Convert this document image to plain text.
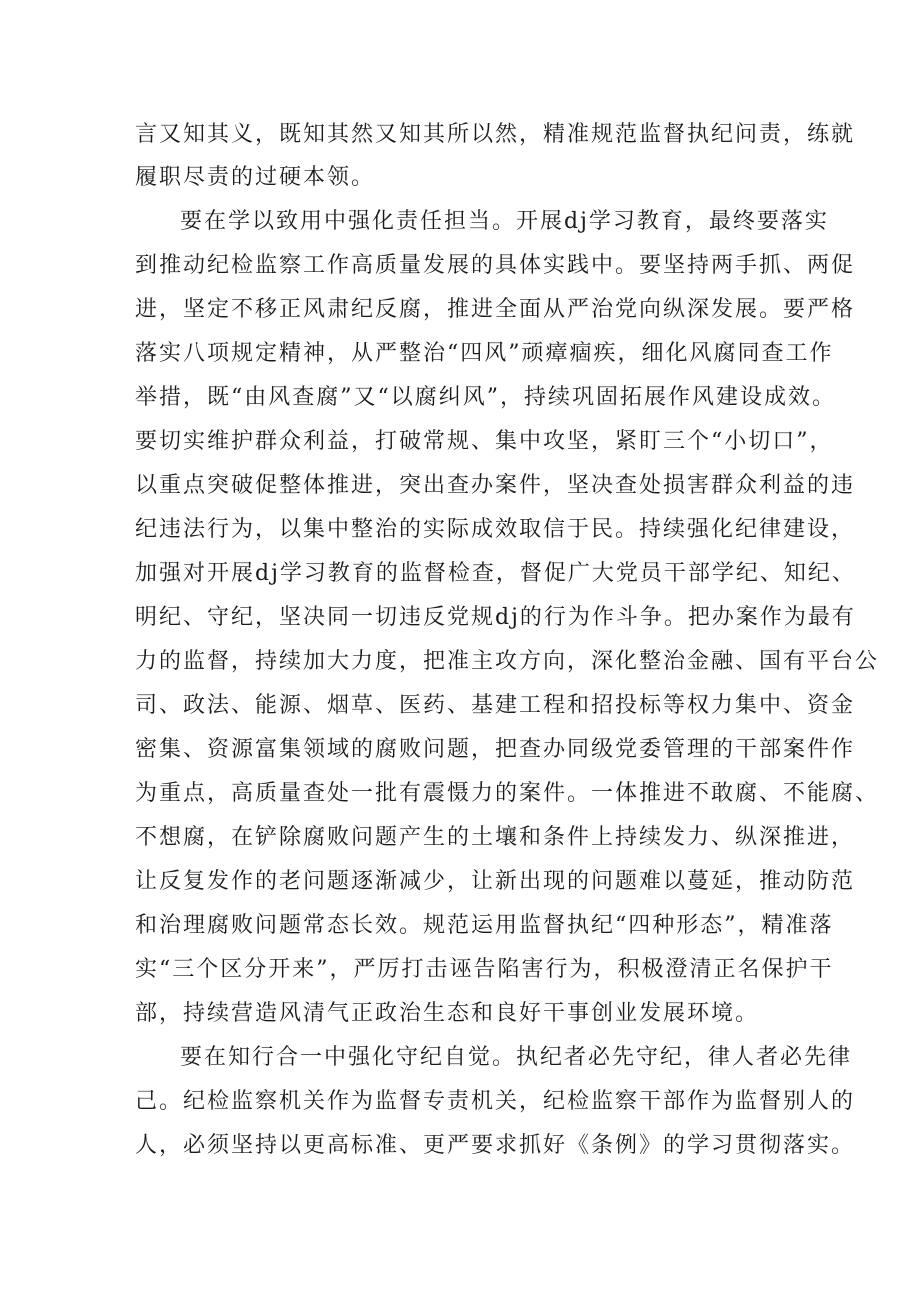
言又知其义，既知其然又知其所以然，精准规范监督执纪问责，练就
履职尽责的过硬本领。
要在学以致用中强化责任担当。开展dj学习教育，最终要落实
到推动纪检监察工作高质量发展的具体实践中。要坚持两手抓、两促
进，坚定不移正风肃纪反腐，推进全面从严治党向纵深发展。要严格
落实八项规定精神，从严整治“四风”顽瘴痼疾，细化风腐同查工作
举措，既“由风查腐”又“以腐纠风”，持续巩固拓展作风建设成效。
要切实维护群众利益，打破常规、集中攻坚，紧盯三个“小切口”，
以重点突破促整体推进，突出查办案件，坚决查处损害群众利益的违
纪违法行为，以集中整治的实际成效取信于民。持续强化纪律建设，
加强对开展dj学习教育的监督检查，督促广大党员干部学纪、知纪、
明纪、守纪，坚决同一切违反党规dj的行为作斗争。把办案作为最有
力的监督，持续加大力度，把准主攻方向，深化整治金融、国有平台公
司、政法、能源、烟草、医药、基建工程和招投标等权力集中、资金
密集、资源富集领域的腐败问题，把查办同级党委管理的干部案件作
为重点，高质量查处一批有震慑力的案件。一体推进不敢腐、不能腐、
不想腐，在铲除腐败问题产生的土壤和条件上持续发力、纵深推进，
让反复发作的老问题逐渐减少，让新出现的问题难以蔓延，推动防范
和治理腐败问题常态长效。规范运用监督执纪“四种形态”，精准落
实“三个区分开来”，严厉打击诬告陷害行为，积极澄清正名保护干
部，持续营造风清气正政治生态和良好干事创业发展环境。
要在知行合一中强化守纪自觉。执纪者必先守纪，律人者必先律
己。纪检监察机关作为监督专责机关，纪检监察干部作为监督别人的
人，必须坚持以更高标准、更严要求抓好《条例》的学习贯彻落实。
